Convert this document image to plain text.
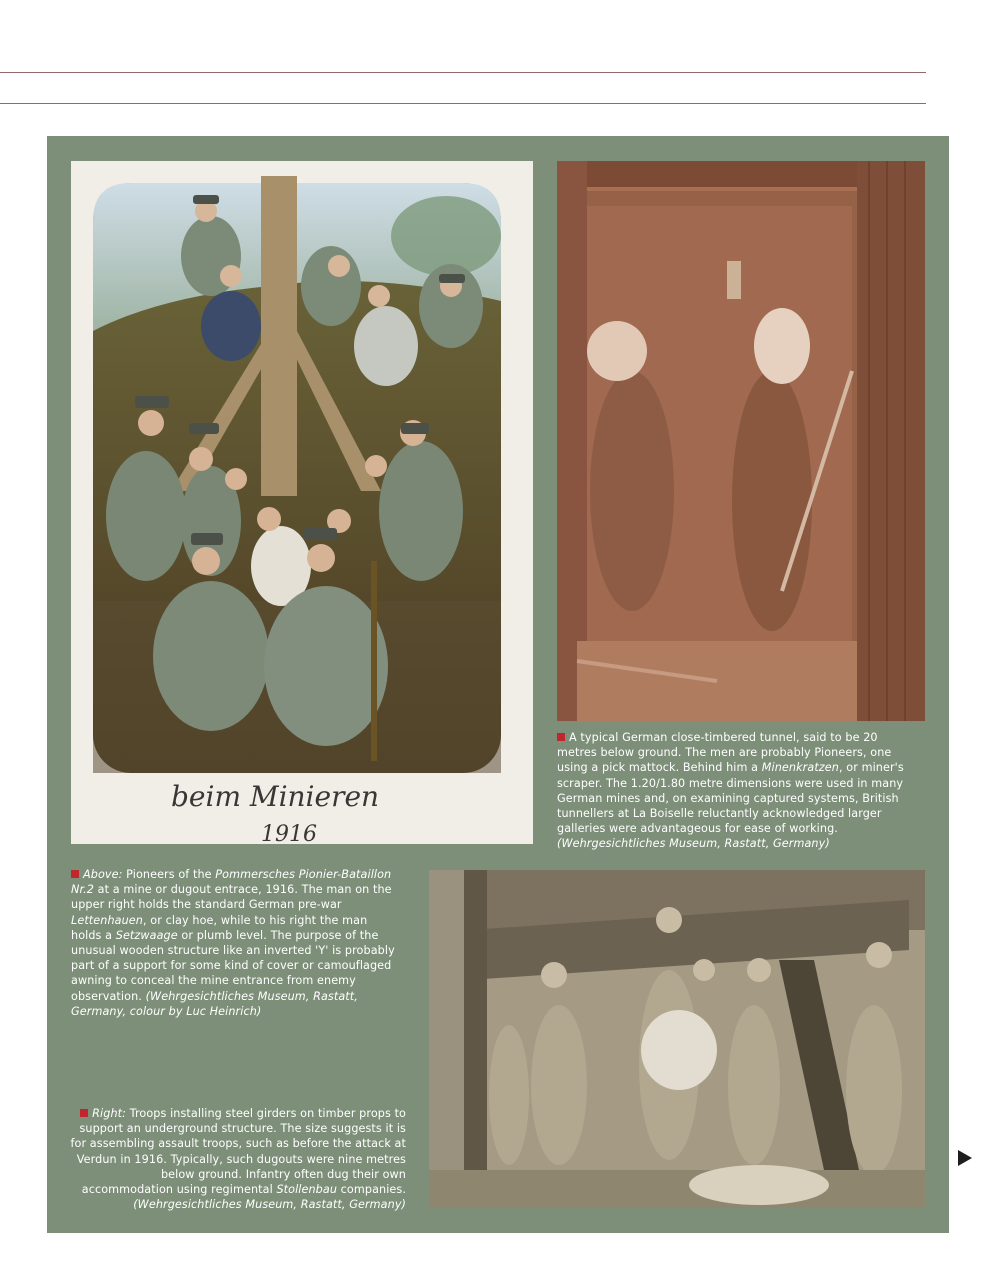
beim Minieren
1916

A typical German close-timbered tunnel, said to be 20 metres below ground. The men are probably Pioneers, one using a pick mattock. Behind him a Minenkratzen, or miner's scraper. The 1.20/1.80 metre dimensions were used in many German mines and, on examining captured systems, British tunnellers at La Boiselle reluctantly acknowledged larger galleries were advantageous for ease of working. (Wehrgesichtliches Museum, Rastatt, Germany)

Above: Pioneers of the Pommersches Pionier-Bataillon Nr.2 at a mine or dugout entrace, 1916. The man on the upper right holds the standard German pre-war Lettenhauen, or clay hoe, while to his right the man holds a Setzwaage or plumb level. The purpose of the unusual wooden structure like an inverted 'Y' is probably part of a support for some kind of cover or camouflaged awning to conceal the mine entrance from enemy observation. (Wehrgesichtliches Museum, Rastatt, Germany, colour by Luc Heinrich)

Right: Troops installing steel girders on timber props to support an underground structure. The size suggests it is for assembling assault troops, such as before the attack at Verdun in 1916. Typically, such dugouts were nine metres below ground. Infantry often dug their own accommodation using regimental Stollenbau companies. (Wehrgesichtliches Museum, Rastatt, Germany)
